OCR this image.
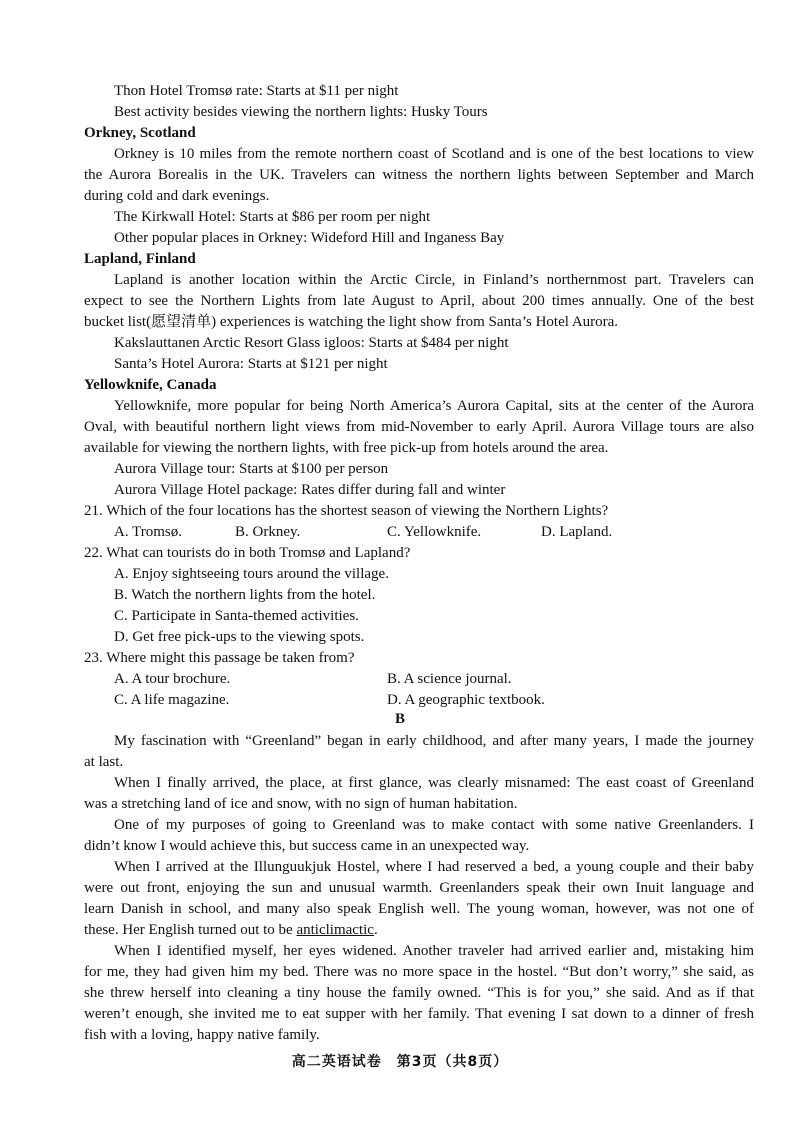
Thon Hotel Tromsø rate: Starts at $11 per night
Best activity besides viewing the northern lights: Husky Tours
Orkney, Scotland
Orkney is 10 miles from the remote northern coast of Scotland and is one of the best locations to view
the Aurora Borealis in the UK. Travelers can witness the northern lights between September and March
during cold and dark evenings.
The Kirkwall Hotel: Starts at $86 per room per night
Other popular places in Orkney: Wideford Hill and Inganess Bay
Lapland, Finland
Lapland is another location within the Arctic Circle, in Finland’s northernmost part. Travelers can
expect to see the Northern Lights from late August to April, about 200 times annually. One of the best
bucket list(愿望清单) experiences is watching the light show from Santa’s Hotel Aurora.
Kakslauttanen Arctic Resort Glass igloos: Starts at $484 per night
Santa’s Hotel Aurora: Starts at $121 per night
Yellowknife, Canada
Yellowknife, more popular for being North America’s Aurora Capital, sits at the center of the Aurora
Oval, with beautiful northern light views from mid-November to early April. Aurora Village tours are also
available for viewing the northern lights, with free pick-up from hotels around the area.
Aurora Village tour: Starts at $100 per person
Aurora Village Hotel package: Rates differ during fall and winter
21. Which of the four locations has the shortest season of viewing the Northern Lights?
A. Tromsø.	B. Orkney.	C. Yellowknife.	D. Lapland.
22. What can tourists do in both Tromsø and Lapland?
A. Enjoy sightseeing tours around the village.
B. Watch the northern lights from the hotel.
C. Participate in Santa-themed activities.
D. Get free pick-ups to the viewing spots.
23. Where might this passage be taken from?
A. A tour brochure.	B. A science journal.
C. A life magazine.	D. A geographic textbook.
B
My fascination with “Greenland” began in early childhood, and after many years, I made the journey
at last.
When I finally arrived, the place, at first glance, was clearly misnamed: The east coast of Greenland
was a stretching land of ice and snow, with no sign of human habitation.
One of my purposes of going to Greenland was to make contact with some native Greenlanders. I
didn’t know I would achieve this, but success came in an unexpected way.
When I arrived at the Illunguukjuk Hostel, where I had reserved a bed, a young couple and their baby
were out front, enjoying the sun and unusual warmth. Greenlanders speak their own Inuit language and
learn Danish in school, and many also speak English well. The young woman, however, was not one of
these. Her English turned out to be anticlimactic.
When I identified myself, her eyes widened. Another traveler had arrived earlier and, mistaking him
for me, they had given him my bed. There was no more space in the hostel. “But don’t worry,” she said, as
she threw herself into cleaning a tiny house the family owned. “This is for you,” she said. And as if that
weren’t enough, she invited me to eat supper with her family. That evening I sat down to a dinner of fresh
fish with a loving, happy native family.
高二英语试卷　第3页（共8页）
